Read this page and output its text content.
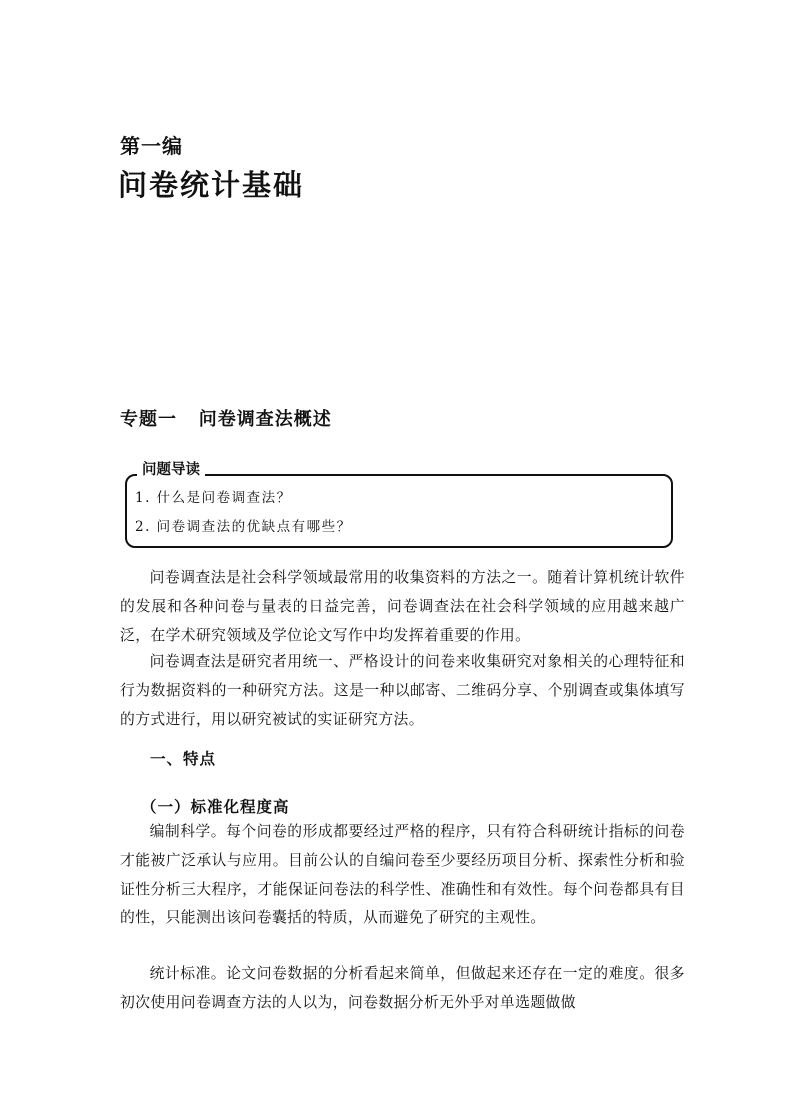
第一编
问卷统计基础
专题一   问卷调查法概述
问题导读
1. 什么是问卷调查法？
2. 问卷调查法的优缺点有哪些？

问卷调查法是社会科学领域最常用的收集资料的方法之一。随着计算机统计软件的发展和各种问卷与量表的日益完善，问卷调查法在社会科学领域的应用越来越广泛，在学术研究领域及学位论文写作中均发挥着重要的作用。

问卷调查法是研究者用统一、严格设计的问卷来收集研究对象相关的心理特征和行为数据资料的一种研究方法。这是一种以邮寄、二维码分享、个别调查或集体填写的方式进行，用以研究被试的实证研究方法。

一、特点
（一）标准化程度高

编制科学。每个问卷的形成都要经过严格的程序，只有符合科研统计指标的问卷才能被广泛承认与应用。目前公认的自编问卷至少要经历项目分析、探索性分析和验证性分析三大程序，才能保证问卷法的科学性、准确性和有效性。每个问卷都具有目的性，只能测出该问卷囊括的特质，从而避免了研究的主观性。

统计标准。论文问卷数据的分析看起来简单，但做起来还存在一定的难度。很多初次使用问卷调查方法的人以为，问卷数据分析无外乎对单选题做做
